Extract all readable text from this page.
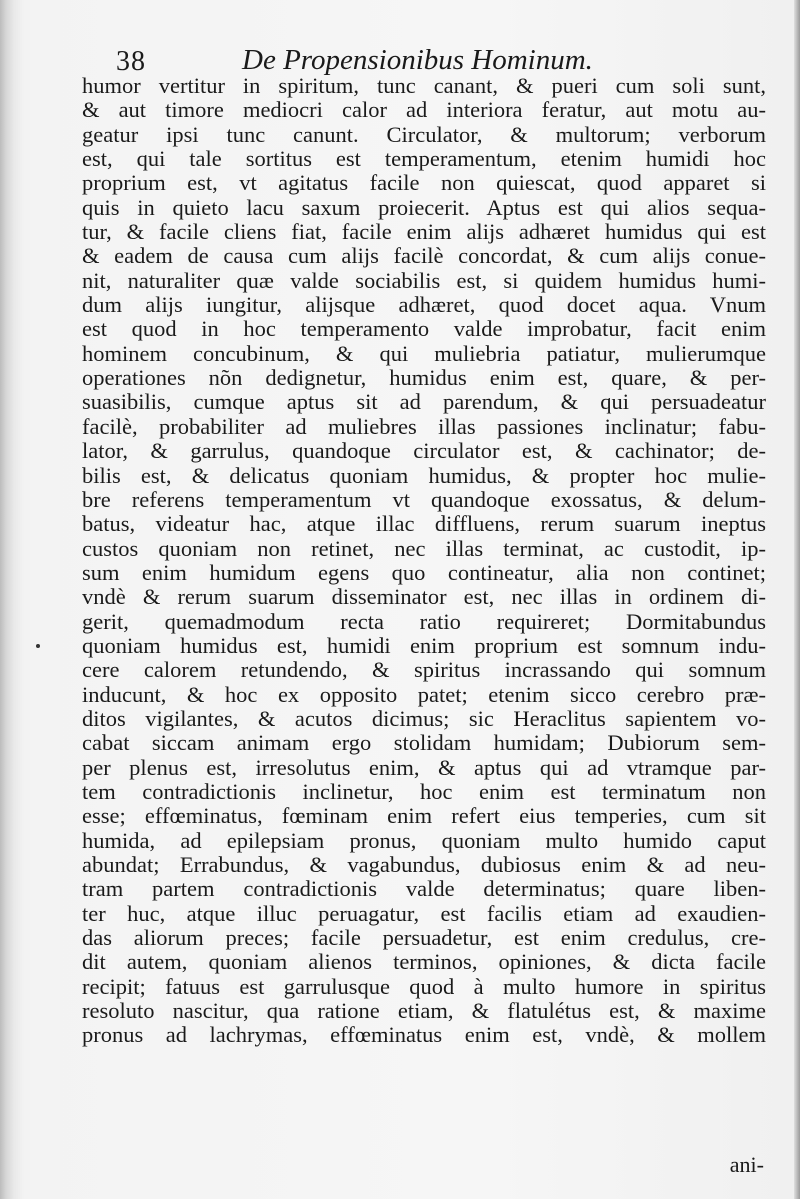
38	De Propensionibus Hominum.
humor vertitur in spiritum, tunc canant, & pueri cum soli sunt,
& aut timore mediocri calor ad interiora feratur, aut motu au-
geatur ipsi tunc canunt. Circulator, & multorum; verborum
est, qui tale sortitus est temperamentum, etenim humidi hoc
proprium est, vt agitatus facile non quiescat, quod apparet si
quis in quieto lacu saxum proiecerit. Aptus est qui alios sequa-
tur, & facile cliens fiat, facile enim alijs adhæret humidus qui est
& eadem de causa cum alijs facilè concordat, & cum alijs conue-
nit, naturaliter quæ valde sociabilis est, si quidem humidus humi-
dum alijs iungitur, alijsque adhæret, quod docet aqua. Vnum
est quod in hoc temperamento valde improbatur, facit enim
hominem concubinum, & qui muliebria patiatur, mulierumque
operationes nõn dedignetur, humidus enim est, quare, & per-
suasibilis, cumque aptus sit ad parendum, & qui persuadeatur
facilè, probabiliter ad muliebres illas passiones inclinatur; fabu-
lator, & garrulus, quandoque circulator est, & cachinator; de-
bilis est, & delicatus quoniam humidus, & propter hoc mulie-
bre referens temperamentum vt quandoque exossatus, & delum-
batus, videatur hac, atque illac diffluens, rerum suarum ineptus
custos quoniam non retinet, nec illas terminat, ac custodit, ip-
sum enim humidum egens quo contineatur, alia non continet;
vndè & rerum suarum disseminator est, nec illas in ordinem di-
gerit, quemadmodum recta ratio requireret; Dormitabundus
quoniam humidus est, humidi enim proprium est somnum indu-
cere calorem retundendo, & spiritus incrassando qui somnum
inducunt, & hoc ex opposito patet; etenim sicco cerebro præ-
ditos vigilantes, & acutos dicimus; sic Heraclitus sapientem vo-
cabat siccam animam ergo stolidam humidam; Dubiorum sem-
per plenus est, irresolutus enim, & aptus qui ad vtramque par-
tem contradictionis inclinetur, hoc enim est terminatum non
esse; effœminatus, fœminam enim refert eius temperies, cum sit
humida, ad epilepsiam pronus, quoniam multo humido caput
abundat; Errabundus, & vagabundus, dubiosus enim & ad neu-
tram partem contradictionis valde determinatus; quare liben-
ter huc, atque illuc peruagatur, est facilis etiam ad exaudien-
das aliorum preces; facile persuadetur, est enim credulus, cre-
dit autem, quoniam alienos terminos, opiniones, & dicta facile
recipit; fatuus est garrulusque quod à multo humore in spiritus
resoluto nascitur, qua ratione etiam, & flatulétus est, & maxime
pronus ad lachrymas, effœminatus enim est, vndè, & mollem
ani-
